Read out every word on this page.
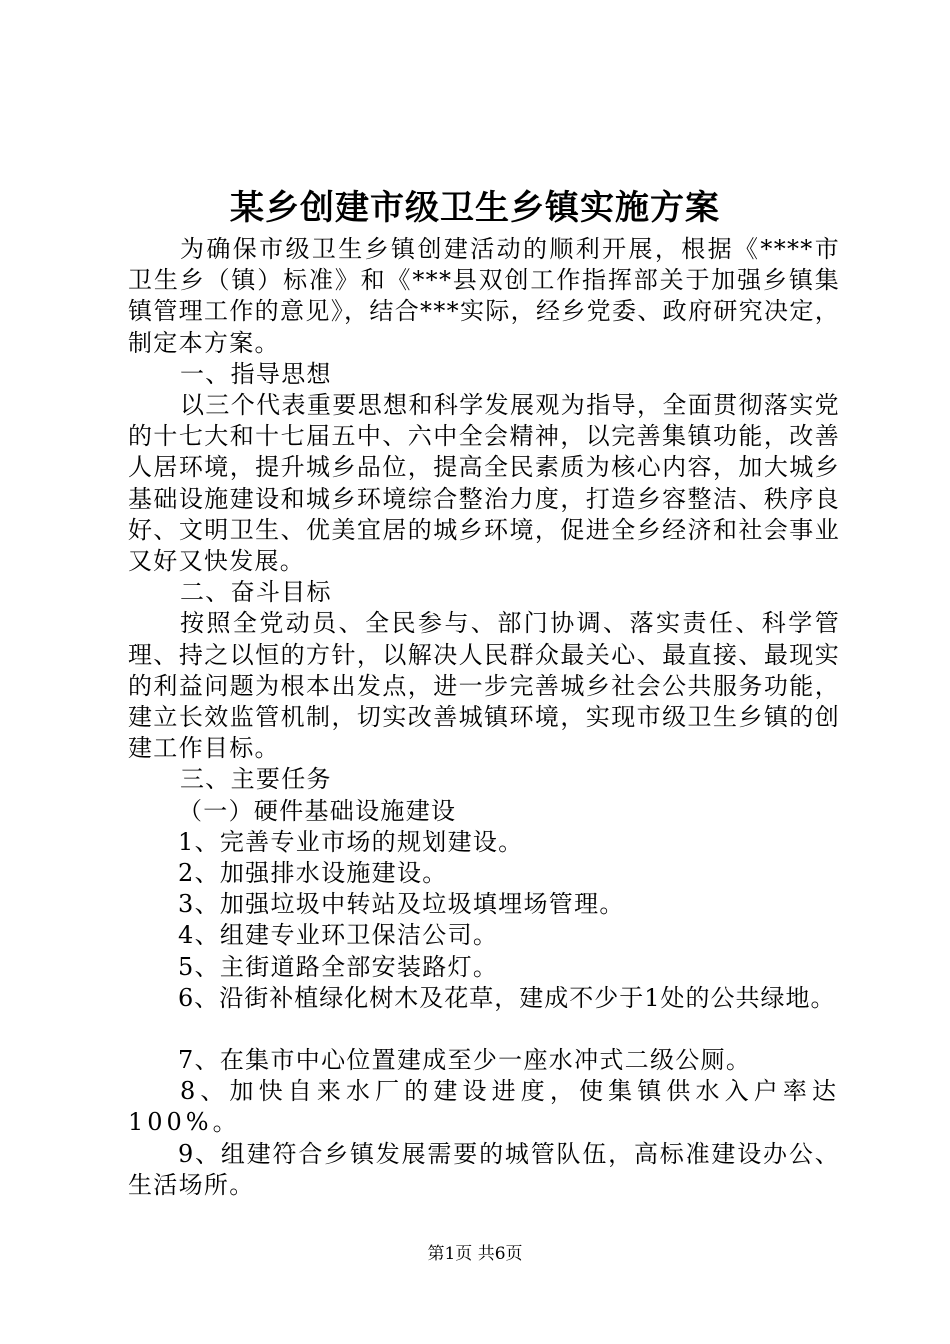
某乡创建市级卫生乡镇实施方案

为确保市级卫生乡镇创建活动的顺利开展，根据《****市卫生乡（镇）标准》和《***县双创工作指挥部关于加强乡镇集镇管理工作的意见》，结合***实际，经乡党委、政府研究决定，制定本方案。

一、指导思想

以三个代表重要思想和科学发展观为指导，全面贯彻落实党的十七大和十七届五中、六中全会精神，以完善集镇功能，改善人居环境，提升城乡品位，提高全民素质为核心内容，加大城乡基础设施建设和城乡环境综合整治力度，打造乡容整洁、秩序良好、文明卫生、优美宜居的城乡环境，促进全乡经济和社会事业又好又快发展。

二、奋斗目标

按照全党动员、全民参与、部门协调、落实责任、科学管理、持之以恒的方针，以解决人民群众最关心、最直接、最现实的利益问题为根本出发点，进一步完善城乡社会公共服务功能，建立长效监管机制，切实改善城镇环境，实现市级卫生乡镇的创建工作目标。

三、主要任务

（一）硬件基础设施建设

1、完善专业市场的规划建设。

2、加强排水设施建设。

3、加强垃圾中转站及垃圾填埋场管理。

4、组建专业环卫保洁公司。

5、主街道路全部安装路灯。

6、沿街补植绿化树木及花草，建成不少于1处的公共绿地。

7、在集市中心位置建成至少一座水冲式二级公厕。

8、加快自来水厂的建设进度，使集镇供水入户率达100%。

9、组建符合乡镇发展需要的城管队伍，高标准建设办公、生活场所。

第1页 共6页
